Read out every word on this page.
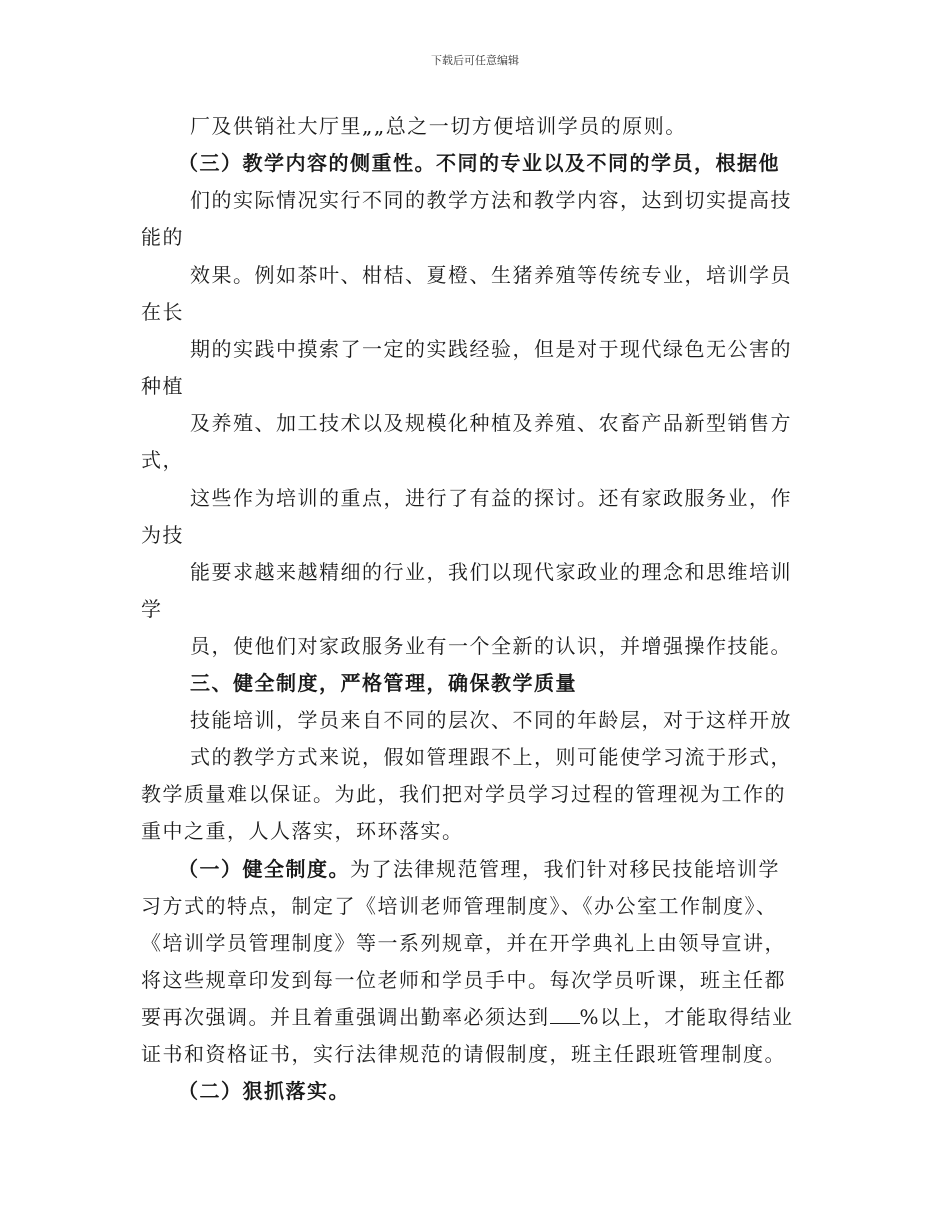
下载后可任意编辑
厂及供销社大厅里„„总之一切方便培训学员的原则。
（三）教学内容的侧重性。不同的专业以及不同的学员，根据他
们的实际情况实行不同的教学方法和教学内容，达到切实提高技
能的
效果。例如茶叶、柑桔、夏橙、生猪养殖等传统专业，培训学员
在长
期的实践中摸索了一定的实践经验，但是对于现代绿色无公害的
种植
及养殖、加工技术以及规模化种植及养殖、农畜产品新型销售方
式，
这些作为培训的重点，进行了有益的探讨。还有家政服务业，作
为技
能要求越来越精细的行业，我们以现代家政业的理念和思维培训
学
员，使他们对家政服务业有一个全新的认识，并增强操作技能。
三、健全制度，严格管理，确保教学质量
技能培训，学员来自不同的层次、不同的年龄层，对于这样开放
式的教学方式来说，假如管理跟不上，则可能使学习流于形式，
教学质量难以保证。为此，我们把对学员学习过程的管理视为工作的
重中之重，人人落实，环环落实。
（一）健全制度。为了法律规范管理，我们针对移民技能培训学
习方式的特点，制定了《培训老师管理制度》、《办公室工作制度》、
《培训学员管理制度》等一系列规章，并在开学典礼上由领导宣讲，
将这些规章印发到每一位老师和学员手中。每次学员听课，班主任都
要再次强调。并且着重强调出勤率必须达到 %以上，才能取得结业
证书和资格证书，实行法律规范的请假制度，班主任跟班管理制度。
（二）狠抓落实。
